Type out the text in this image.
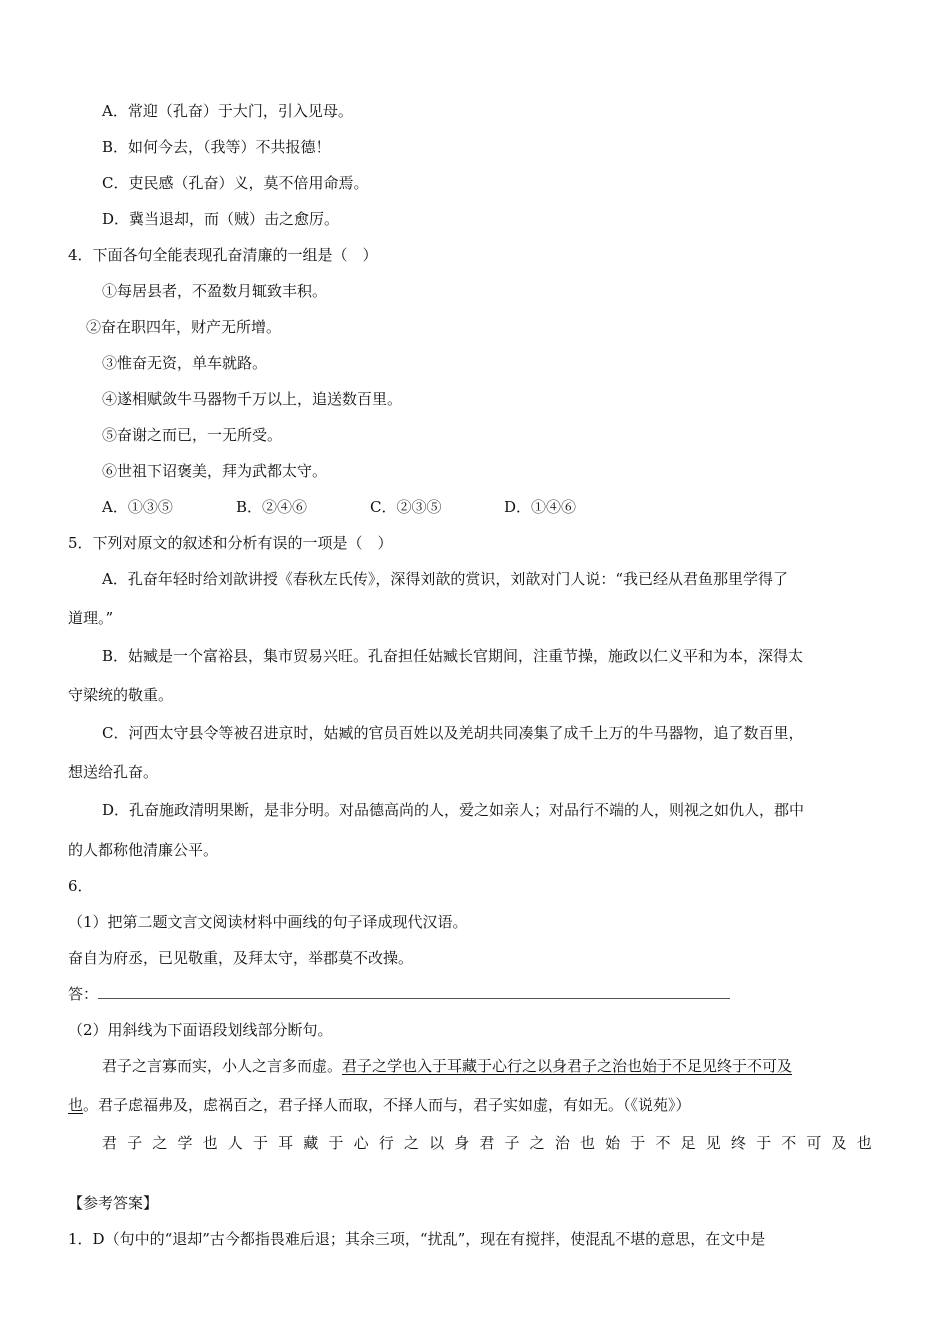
A．常迎（孔奋）于大门，引入见母。
B．如何今去，（我等）不共报德！
C．吏民感（孔奋）义，莫不倍用命焉。
D．冀当退却，而（贼）击之愈厉。
4．下面各句全能表现孔奋清廉的一组是（　）
①每居县者，不盈数月辄致丰积。
②奋在职四年，财产无所增。
③惟奋无资，单车就路。
④遂相赋敛牛马器物千万以上，追送数百里。
⑤奋谢之而已，一无所受。
⑥世祖下诏褒美，拜为武都太守。
A．①③⑤	B．②④⑥	C．②③⑤	D．①④⑥
5．下列对原文的叙述和分析有误的一项是（　）
A．孔奋年轻时给刘歆讲授《春秋左氏传》，深得刘歆的赏识，刘歆对门人说：“我已经从君鱼那里学得了
道理。”
B．姑臧是一个富裕县，集市贸易兴旺。孔奋担任姑臧长官期间，注重节操，施政以仁义平和为本，深得太
守梁统的敬重。
C．河西太守县令等被召进京时，姑臧的官员百姓以及羌胡共同凑集了成千上万的牛马器物，追了数百里，
想送给孔奋。
D．孔奋施政清明果断，是非分明。对品德高尚的人，爱之如亲人；对品行不端的人，则视之如仇人，郡中
的人都称他清廉公平。
6．
（1）把第二题文言文阅读材料中画线的句子译成现代汉语。
奋自为府丞，已见敬重，及拜太守，举郡莫不改操。
答：
（2）用斜线为下面语段划线部分断句。
君子之言寡而实，小人之言多而虚。君子之学也入于耳藏于心行之以身君子之治也始于不足见终于不可及
也。君子虑福弗及，虑祸百之，君子择人而取，不择人而与，君子实如虚，有如无。（《说苑》）
君 子 之 学 也 人 于 耳 藏 于 心 行 之 以 身 君 子 之 治 也 始 于 不 足 见 终 于 不 可 及 也
【参考答案】
1．D（句中的“退却”古今都指畏难后退；其余三项，“扰乱”，现在有搅拌，使混乱不堪的意思，在文中是
